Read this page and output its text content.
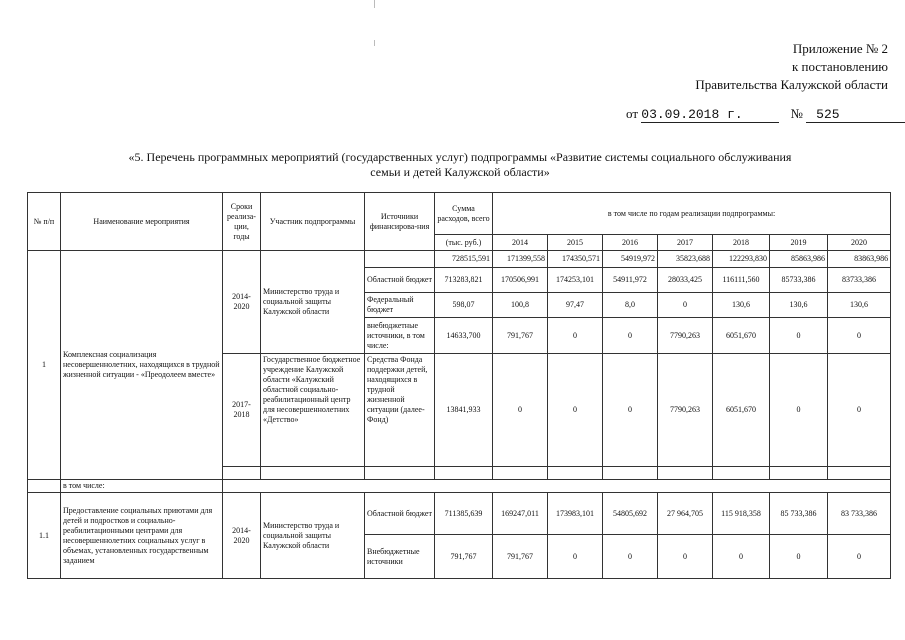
Приложение № 2
к постановлению
Правительства Калужской области
от 03.09.2018 г.	№ 525
«5. Перечень программных мероприятий (государственных услуг) подпрограммы «Развитие системы социального обслуживания
семьи и детей Калужской области»
№ п/п	Наименование мероприятия	Сроки реализа-ции, годы	Участник подпрограммы	Источники финансирова-ния	Сумма расходов, всего	в том числе по годам реализации подпрограммы:						
					(тыс. руб.)	2014	2015	2016	2017	2018	2019	2020
1	Комплексная социализация несовершеннолетних, находящихся в трудной жизненной ситуации - «Преодолеем вместе»	2014-2020	Министерство труда и социальной защиты Калужской области		728515,591	171399,558	174350,571	54919,972	35823,688	122293,830	85863,986	83863,986
				Областной бюджет	713283,821	170506,991	174253,101	54911,972	28033,425	116111,560	85733,386	83733,386
				Федеральный бюджет	598,07	100,8	97,47	8,0	0	130,6	130,6	130,6
				внебюджетные источники, в том числе:	14633,700	791,767	0	0	7790,263	6051,670	0	0
		2017-2018	Государственное бюджетное учреждение Калужской области «Калужский областной социально-реабилитационный центр для несовершеннолетних «Детство»	Средства Фонда поддержки детей, находящихся в трудной жизненной ситуации (далее-Фонд)	13841,933	0	0	0	7790,263	6051,670	0	0

	в том числе:											
1.1	Предоставление социальных приютами для детей и подростков и социально-реабилитационными центрами для несовершеннолетних социальных услуг в объемах, установленных государственным заданием	2014-2020	Министерство труда и социальной защиты Калужской области	Областной бюджет	711385,639	169247,011	173983,101	54805,692	27 964,705	115 918,358	85 733,386	83 733,386
				Внебюджетные источники	791,767	791,767	0	0	0	0	0	0
